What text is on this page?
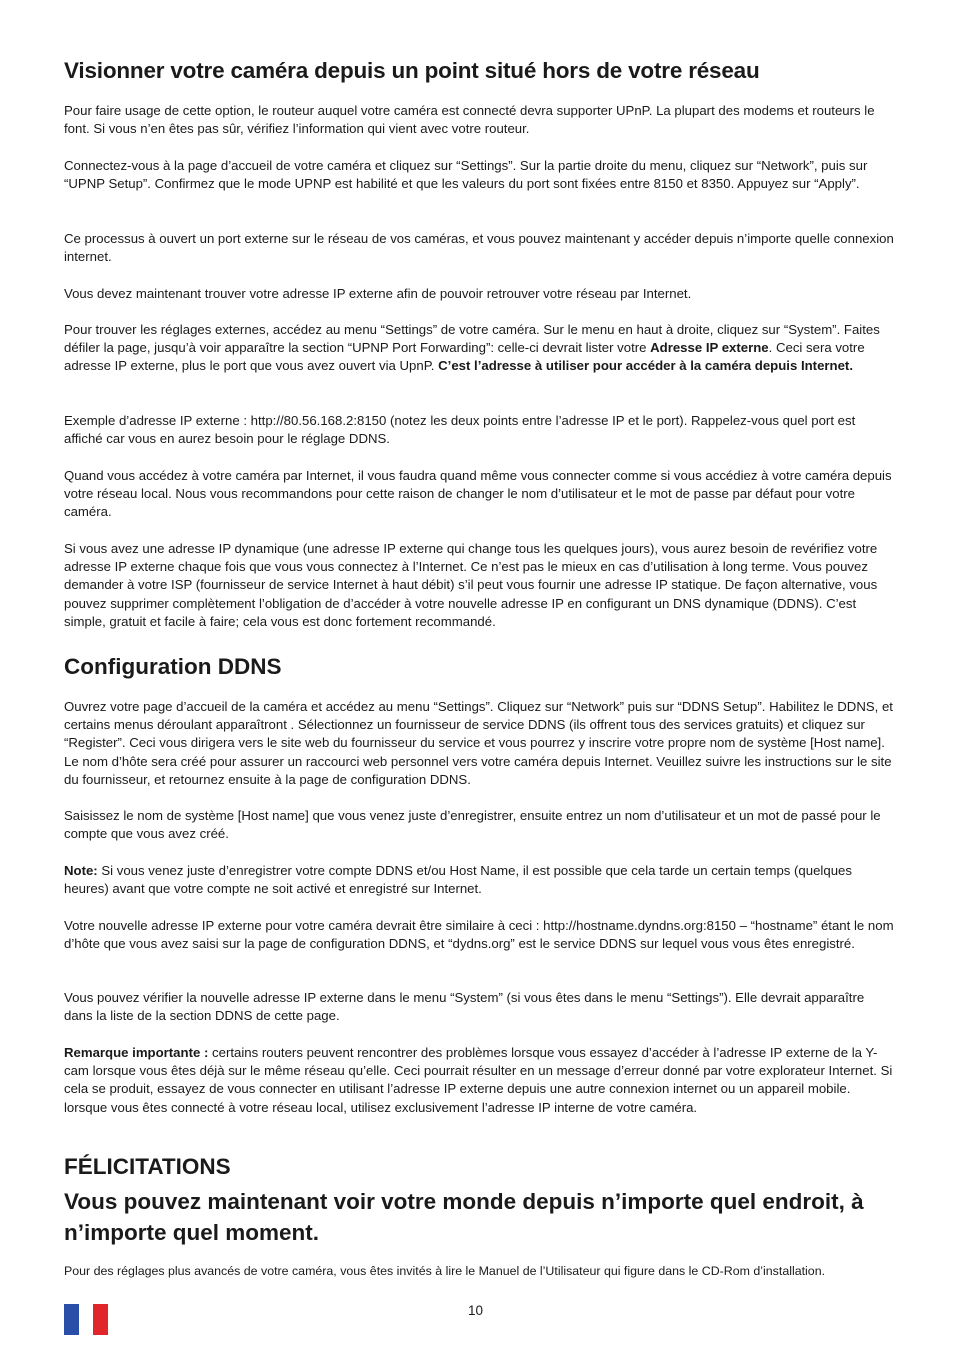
Visionner votre caméra depuis un point situé hors de votre réseau

Pour faire usage de cette option, le routeur auquel votre caméra est connecté devra supporter UPnP. La plupart des modems et routeurs le font. Si vous n’en êtes pas sûr, vérifiez l’information qui vient avec votre routeur.

Connectez-vous à la page d’accueil de votre caméra et cliquez sur “Settings”. Sur la partie droite du menu, cliquez sur “Network”, puis sur “UPNP Setup”. Confirmez que le mode UPNP est habilité et que les valeurs du port sont fixées entre 8150 et 8350. Appuyez sur “Apply”.

Ce processus à ouvert un port externe sur le réseau de vos caméras, et vous pouvez maintenant y accéder depuis n’importe quelle connexion internet.

Vous devez maintenant trouver votre adresse IP externe afin de pouvoir retrouver votre réseau par Internet.

Pour trouver les réglages externes, accédez au menu “Settings” de votre caméra. Sur le menu en haut à droite, cliquez sur “System”. Faites défiler la page, jusqu’à voir apparaître la section “UPNP Port Forwarding”: celle-ci devrait lister votre Adresse IP externe. Ceci sera votre adresse IP externe, plus le port que vous avez ouvert via UpnP. C’est l’adresse à utiliser pour accéder à la caméra depuis Internet.

Exemple d’adresse IP externe : http://80.56.168.2:8150 (notez les deux points entre l’adresse IP et le port). Rappelez-vous quel port est affiché car vous en aurez besoin pour le réglage DDNS.

Quand vous accédez à votre caméra par Internet, il vous faudra quand même vous connecter comme si vous accédiez à votre caméra depuis votre réseau local. Nous vous recommandons pour cette raison de changer le nom d’utilisateur et le mot de passe par défaut pour votre caméra.

Si vous avez une adresse IP dynamique (une adresse IP externe qui change tous les quelques jours), vous aurez besoin de revérifiez votre adresse IP externe chaque fois que vous vous connectez à l’Internet. Ce n’est pas le mieux en cas d’utilisation à long terme. Vous pouvez demander à votre ISP (fournisseur de service Internet à haut débit) s’il peut vous fournir une adresse IP statique. De façon alternative, vous pouvez supprimer complètement l’obligation de d’accéder à votre nouvelle adresse IP en configurant un DNS dynamique (DDNS). C’est simple, gratuit et facile à faire; cela vous est donc fortement recommandé.

Configuration DDNS

Ouvrez votre page d’accueil de la caméra et accédez au menu “Settings”. Cliquez sur “Network” puis sur “DDNS Setup”. Habilitez le DDNS, et certains menus déroulant apparaîtront . Sélectionnez un fournisseur de service DDNS (ils offrent tous des services gratuits) et cliquez sur “Register”. Ceci vous dirigera vers le site web du fournisseur du service et vous pourrez y inscrire votre propre nom de système [Host name]. Le nom d’hôte sera créé pour assurer un raccourci web personnel vers votre caméra depuis Internet. Veuillez suivre les instructions sur le site du fournisseur, et retournez ensuite à la page de configuration DDNS.

Saisissez le nom de système [Host name] que vous venez juste d’enregistrer, ensuite entrez un nom d’utilisateur et un mot de passé pour le compte que vous avez créé.

Note: Si vous venez juste d’enregistrer votre compte DDNS et/ou Host Name, il est possible que cela tarde un certain temps (quelques heures) avant que votre compte ne soit activé et enregistré sur Internet.

Votre nouvelle adresse IP externe pour votre caméra devrait être similaire à ceci : http://hostname.dyndns.org:8150 – “hostname” étant le nom d’hôte que vous avez saisi sur la page de configuration DDNS, et “dydns.org” est le service DDNS sur lequel vous vous êtes enregistré.

Vous pouvez vérifier la nouvelle adresse IP externe dans le menu “System” (si vous êtes dans le menu “Settings”). Elle devrait apparaître dans la liste de la section DDNS de cette page.

Remarque importante : certains routers peuvent rencontrer des problèmes lorsque vous essayez d’accéder à l’adresse IP externe de la Y-cam lorsque vous êtes déjà sur le même réseau qu’elle. Ceci pourrait résulter en un message d’erreur donné par votre explorateur Internet. Si cela se produit, essayez de vous connecter en utilisant l’adresse IP externe depuis une autre connexion internet ou un appareil mobile. lorsque vous êtes connecté à votre réseau local, utilisez exclusivement l’adresse IP interne de votre caméra.

FÉLICITATIONS
Vous pouvez maintenant voir votre monde depuis n’importe quel endroit, à n’importe quel moment.
Pour des réglages plus avancés de votre caméra, vous êtes invités à lire le Manuel de l’Utilisateur qui figure dans le CD-Rom d’installation.
10
